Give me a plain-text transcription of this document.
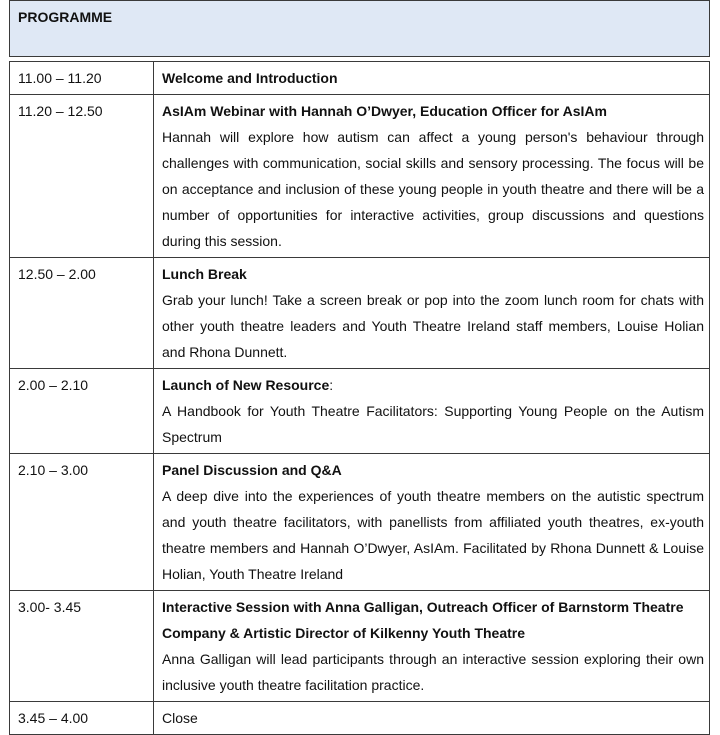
PROGRAMME
11.00 – 11.20	Welcome and Introduction

11.20 – 12.50	AsIAm Webinar with Hannah O’Dwyer, Education Officer for AsIAm
Hannah will explore how autism can affect a young person's behaviour through challenges with communication, social skills and sensory processing. The focus will be on acceptance and inclusion of these young people in youth theatre and there will be a number of opportunities for interactive activities, group discussions and questions during this session.

12.50 – 2.00	Lunch Break
Grab your lunch! Take a screen break or pop into the zoom lunch room for chats with other youth theatre leaders and Youth Theatre Ireland staff members, Louise Holian and Rhona Dunnett.

2.00 – 2.10	Launch of New Resource:
A Handbook for Youth Theatre Facilitators: Supporting Young People on the Autism Spectrum

2.10 – 3.00	Panel Discussion and Q&A
A deep dive into the experiences of youth theatre members on the autistic spectrum and youth theatre facilitators, with panellists from affiliated youth theatres, ex-youth theatre members and Hannah O’Dwyer, AsIAm. Facilitated by Rhona Dunnett & Louise Holian, Youth Theatre Ireland

3.00- 3.45	Interactive Session with Anna Galligan, Outreach Officer of Barnstorm Theatre Company & Artistic Director of Kilkenny Youth Theatre
Anna Galligan will lead participants through an interactive session exploring their own inclusive youth theatre facilitation practice.

3.45 – 4.00	Close
